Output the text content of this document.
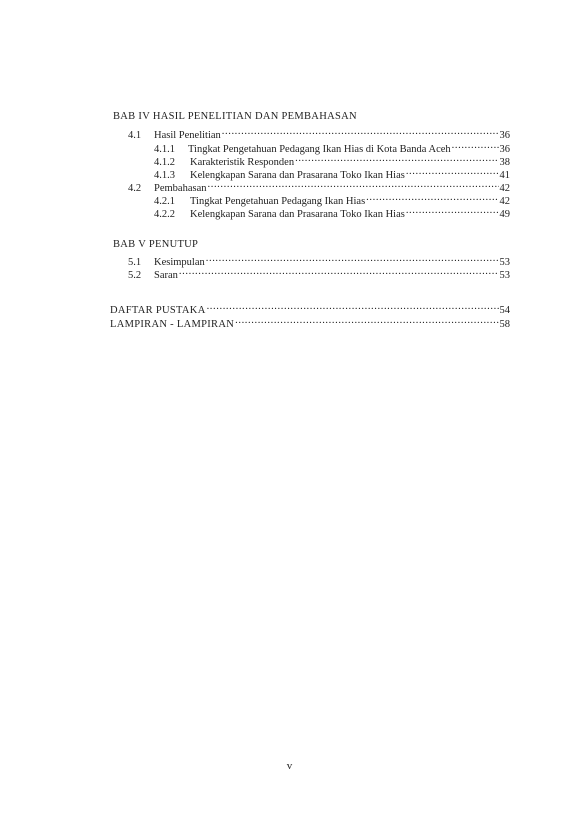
BAB IV HASIL PENELITIAN DAN PEMBAHASAN
4.1	Hasil Penelitian .....	36
4.1.1	Tingkat Pengetahuan Pedagang Ikan Hias di Kota Banda Aceh .....	36
4.1.2	Karakteristik Responden .....	38
4.1.3	Kelengkapan Sarana dan Prasarana Toko Ikan Hias .....	41
4.2	Pembahasan .....	42
4.2.1	Tingkat Pengetahuan Pedagang Ikan Hias .....	42
4.2.2	Kelengkapan Sarana dan Prasarana Toko Ikan Hias .....	49
BAB V PENUTUP
5.1	Kesimpulan .....	53
5.2	Saran .....	53
DAFTAR PUSTAKA .....	54
LAMPIRAN - LAMPIRAN .....	58
v
